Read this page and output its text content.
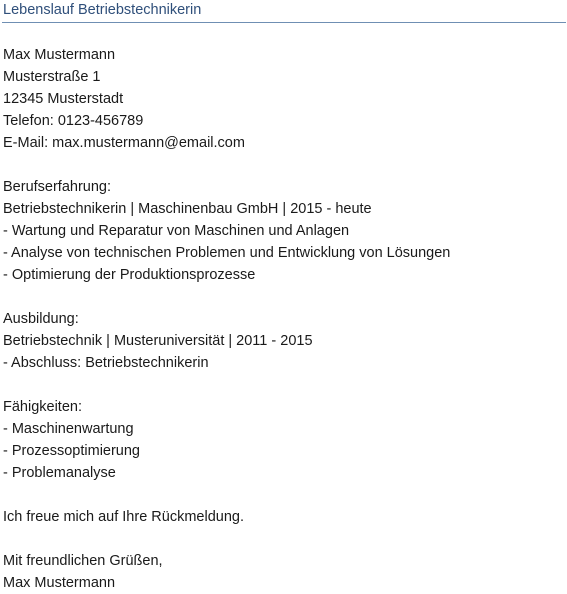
Lebenslauf Betriebstechnikerin

Max Mustermann

Musterstraße 1

12345 Musterstadt

Telefon: 0123-456789

E-Mail: max.mustermann@email.com

Berufserfahrung:

Betriebstechnikerin | Maschinenbau GmbH | 2015 - heute

- Wartung und Reparatur von Maschinen und Anlagen

- Analyse von technischen Problemen und Entwicklung von Lösungen

- Optimierung der Produktionsprozesse

Ausbildung:

Betriebstechnik | Musteruniversität | 2011 - 2015

- Abschluss: Betriebstechnikerin

Fähigkeiten:

- Maschinenwartung

- Prozessoptimierung

- Problemanalyse

Ich freue mich auf Ihre Rückmeldung.

Mit freundlichen Grüßen,

Max Mustermann
